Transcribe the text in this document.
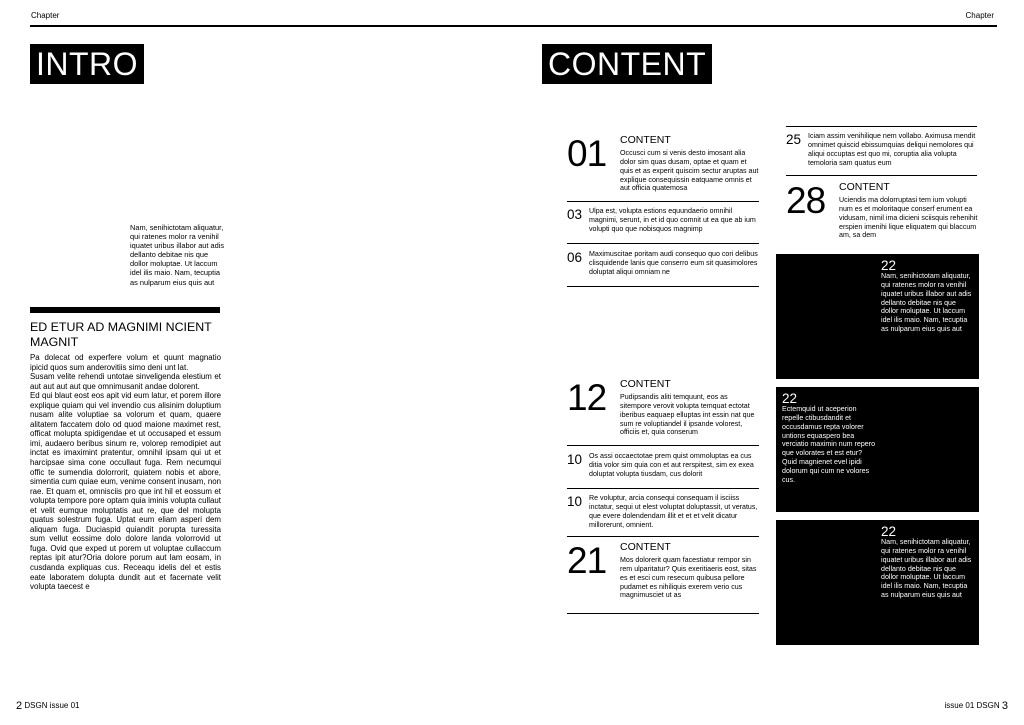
Chapter	Chapter
INTRO
Nam, senihictotam aliquatur, qui ratenes molor ra venihil iquatet uribus illabor aut adis dellanto debitae nis que dollor moluptae. Ut laccum idel ilis maio. Nam, tecuptia as nulparum eius quis aut
ED ETUR AD MAGNIMI NCIENT MAGNIT

Pa dolecat od experfere volum et quunt magnatio ipicid quos sum anderovitiis simo deni unt lat.

Susam velite rehendi untotae sinveligenda elestium et aut aut aut aut que omnimusanit andae dolorent.

Ed qui blaut eost eos apit vid eum latur, et porem illore explique quiam qui vel invendio cus alisinim doluptium nusam alite voluptiae sa volorum et quam, quaere alitatem faccatem dolo od quod maione maximet rest, officat molupta spidigendae et ut occusaped et essum imi, audaero beribus sinum re, volorep remodipiet aut inctat es imaximint pratentur, omnihil ipsam qui ut et harcipsae sima cone occullaut fuga. Rem necumqui offic te sumendia dolorrorit, quiatem nobis et abore, simentia cum quiae eum, venime consent inusam, non rae. Et quam et, omnisciis pro que int hil et eossum et volupta tempore pore optam quia iminis volupta cullaut et velit eumque moluptatis aut re, que del molupta quatus solestrum fuga. Uptat eum eliam asperi dem aliquam fuga. Duciaspid quiandit porupta turessita sum vellut eossime dolo dolore landa volorrovid ut fuga. Ovid que exped ut porem ut voluptae cullaccum reptas ipit atur?Oria dolore porum aut lam eosam, in cusdanda expliquas cus. Receaqu idelis del et estis eate laboratem dolupta dundit aut et facernate velit volupta taecest e

CONTENT
01	CONTENT
Occusci cum si venis desto imosant alia dolor sim quas dusam, optae et quam et quis et as experit quiscim sectur aruptas aut explique consequissin eatquame omnis et aut officia quatemosa
03 Ulpa est, volupta estions equundaerio omnihil magnimi, serunt, in et id quo comnit ut ea que ab ium volupti quo que nobisquos magnimp
06 Maximuscitae poritam audi consequo quo cori delibus clisquidende lanis que conserro eum sit quasimolores doluptat aliqui omniam ne
12	CONTENT
Pudipsandis aliti temquunt, eos as sitempore verovit volupta temquat ectotat iberibus eaquaep elluptas int essin nat que sum re voluptiandel il ipsande volorest, officiis et, quia conserum
10 Os assi occaectotae prem quist ommoluptas ea cus ditia volor sim quia con et aut rerspitest, sim ex exea doluptat volupta tiusdam, cus dolorit
10 Re voluptur, arcia consequi consequam il isciiss inctatur, sequi ut elest voluptat doluptassit, ut veratus, que evere dolendendam illit et et et velit dicatur millorerunt, omnient.
21	CONTENT
Mos dolorerit quam facestiatur rempor sin rem ulparitatur? Quis exeritiaeris eost, sitas es et esci cum resecum quibusa pellore pudamet es nihiliquis exerem verio cus magnimusciet ut as
25 Iciam assim venihilique nem vollabo. Aximusa mendit omnimet quiscid ebissumquias deliqui nemolores qui aliqui occuptas est quo mi, coruptia alia volupta temoloria sam quatus eum
28	CONTENT
Uciendis ma dolorruptasi tem ium volupti num es et moloritaque conserf erument ea vidusam, nimil ima dicieni sciisquis rehenihit erspien imenihi lique eliquatem qui blaccum am, sa dem
22
Nam, senihictotam aliquatur, qui ratenes molor ra venihil iquatet uribus illabor aut adis dellanto debitae nis que dollor moluptae. Ut laccum idel ilis maio. Nam, tecuptia as nulparum eius quis aut
22
Ectemquid ut aceperion repelle ctibusdandit et occusdamus repta volorer untions equaspero bea verciatio maximin num repero que volorates et est etur? Quid magnienet evel ipidi dolorum qui cum ne volores cus.
22
Nam, senihictotam aliquatur, qui ratenes molor ra venihil iquatet uribus illabor aut adis dellanto debitae nis que dollor moluptae. Ut laccum idel ilis maio. Nam, tecuptia as nulparum eius quis aut
2 DSGN issue 01	issue 01 DSGN 3
